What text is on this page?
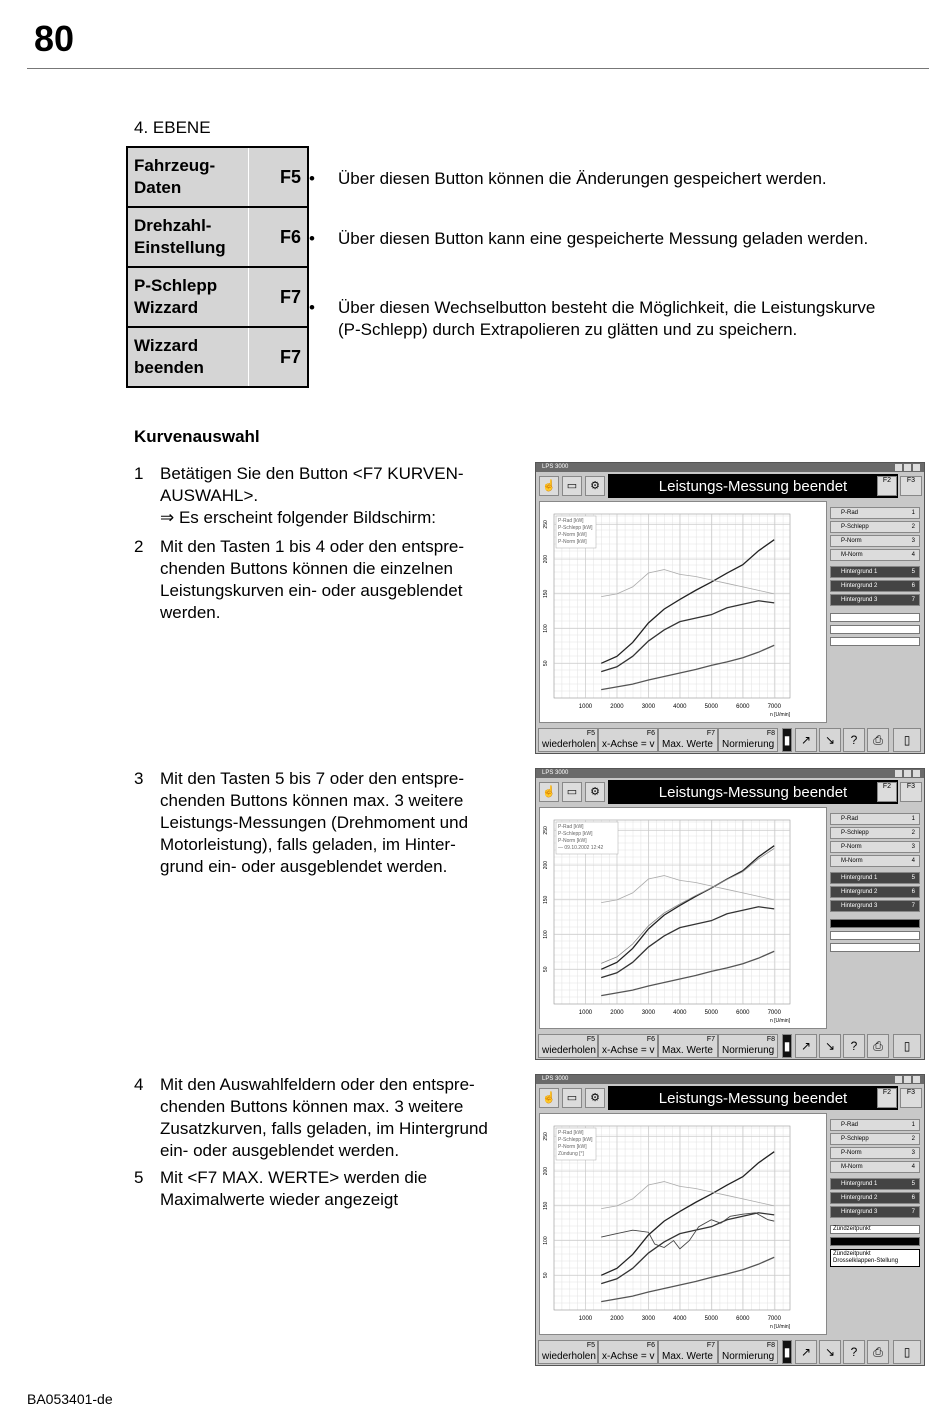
80
4. EBENE
Fahrzeug-
Daten
F5
Drehzahl-
Einstellung
F6
P-Schlepp
Wizzard
F7
Wizzard
beenden
F7
• Über diesen Button können die Änderungen gespeichert werden.
• Über diesen Button kann eine gespeicherte Messung geladen werden.
• Über diesen Wechselbutton besteht die Möglichkeit, die Leistungskurve (P-Schlepp) durch Extrapolieren zu glätten und zu speichern.
Kurvenauswahl
1 Betätigen Sie den Button <F7 KURVEN-
AUSWAHL>.
⇒ Es erscheint folgender Bildschirm:
2 Mit den Tasten 1 bis 4 oder den entspre-
chenden Buttons können die einzelnen
Leistungskurven ein- oder ausgeblendet
werden.
3 Mit den Tasten 5 bis 7 oder den entspre-
chenden Buttons können max. 3 weitere
Leistungs-Messungen (Drehmoment und
Motorleistung), falls geladen, im Hinter-
grund ein- oder ausgeblendet werden.
4 Mit den Auswahlfeldern oder den entspre-
chenden Buttons können max. 3 weitere
Zusatzkurven, falls geladen, im Hintergrund
ein- oder ausgeblendet werden.
5 Mit <F7 MAX. WERTE> werden die
Maximalwerte wieder angezeigt
LPS 3000
☝ ▭	⚙	Leistungs-Messung beendet	F2	F3
1000	2000	3000	4000	5000	6000	7000
50
100
150
200
250
n [U/min]
P-Rad [kW]
P-Schlepp [kW]
P-Norm [kW]
P-Norm [kW]
P-Rad	1
P-Schlepp	2
P-Norm	3
M-Norm	4
Hintergrund 1	5
Hintergrund 2	6
Hintergrund 3	7
wiederholen
F5
x-Achse = v
F6
Max. Werte
F7
Normierung
F8 ▮ ↗	↘	?	⎙	▯
LPS 3000
☝ ▭	⚙	Leistungs-Messung beendet	F2	F3
1000	2000	3000	4000	5000	6000	7000
50
100
150
200
250
n [U/min]
P-Rad [kW]
P-Schlepp [kW]
P-Norm [kW]
— 09.10.2002 12:42
P-Rad	1
P-Schlepp	2
P-Norm	3
M-Norm	4
Hintergrund 1	5
Hintergrund 2	6
Hintergrund 3	7
wiederholen
F5
x-Achse = v
F6
Max. Werte
F7
Normierung
F8 ▮ ↗	↘	?	⎙	▯
LPS 3000
☝ ▭	⚙	Leistungs-Messung beendet	F2	F3
1000	2000	3000	4000	5000	6000	7000
50
100
150
200
250
n [U/min]
P-Rad [kW]
P-Schlepp [kW]
P-Norm [kW]
Zündung [°]
P-Rad	1
P-Schlepp	2
P-Norm	3
M-Norm	4
Hintergrund 1	5
Hintergrund 2	6
Hintergrund 3	7
Zündzeitpunkt
Zündzeitpunkt
Drosselklappen-Stellung
wiederholen
F5
x-Achse = v
F6
Max. Werte
F7
Normierung
F8 ▮ ↗	↘	?	⎙	▯
BA053401-de
